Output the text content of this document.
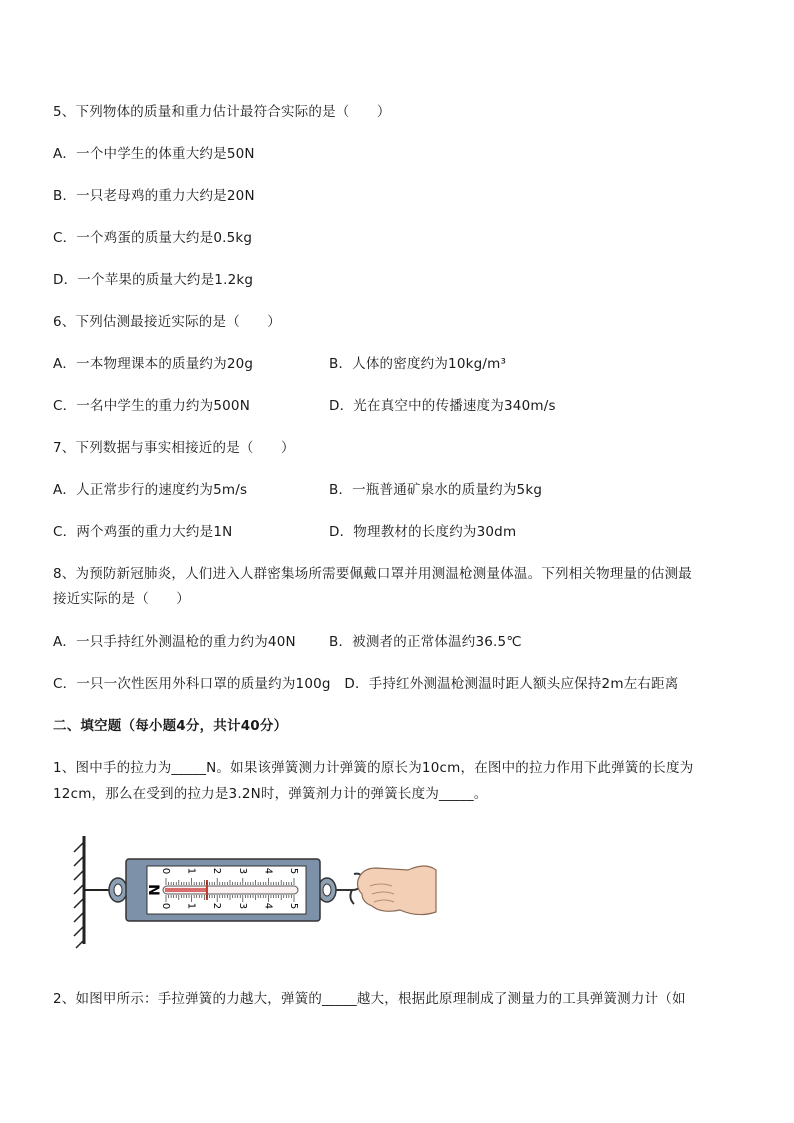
5、下列物体的质量和重力估计最符合实际的是（　　）
A．一个中学生的体重大约是50N
B．一只老母鸡的重力大约是20N
C．一个鸡蛋的质量大约是0.5kg
D．一个苹果的质量大约是1.2kg
6、下列估测最接近实际的是（　　）
A．一本物理课本的质量约为20g	B．人体的密度约为10kg/m³
C．一名中学生的重力约为500N	D．光在真空中的传播速度为340m/s
7、下列数据与事实相接近的是（　　）
A．人正常步行的速度约为5m/s	B．一瓶普通矿泉水的质量约为5kg
C．两个鸡蛋的重力大约是1N	D．物理教材的长度约为30dm
8、为预防新冠肺炎，人们进入人群密集场所需要佩戴口罩并用测温枪测量体温。下列相关物理量的估测最
接近实际的是（　　）
A．一只手持红外测温枪的重力约为40N B．被测者的正常体温约36.5℃
C．一只一次性医用外科口罩的质量约为100g　D．手持红外测温枪测温时距人额头应保持2m左右距离
二、填空题（每小题4分，共计40分）
1、图中手的拉力为_____N。如果该弹簧测力计弹簧的原长为10cm，在图中的拉力作用下此弹簧的长度为
12cm，那么在受到的拉力是3.2N时，弹簧剂力计的弹簧长度为_____。
N
0 1 2 3 4 5
0 1 2 3 4 5
2、如图甲所示：手拉弹簧的力越大，弹簧的_____越大，根据此原理制成了测量力的工具弹簧测力计（如
